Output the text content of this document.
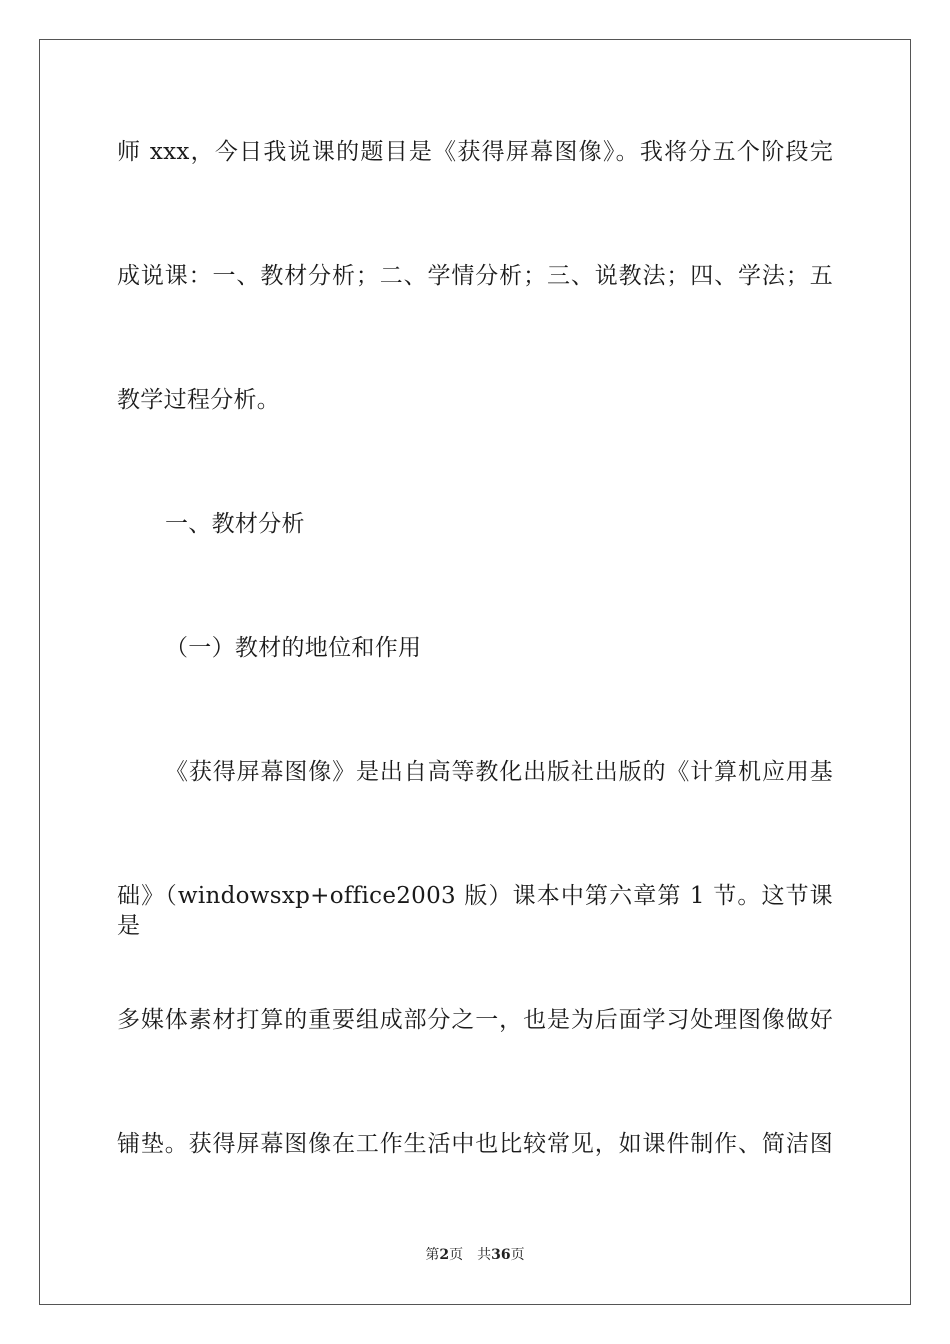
师 xxx，今日我说课的题目是《获得屏幕图像》。我将分五个阶段完
成说课：一、教材分析；二、学情分析；三、说教法；四、学法；五
教学过程分析。
一、教材分析
（一）教材的地位和作用
《获得屏幕图像》是出自高等教化出版社出版的《计算机应用基
础》（windowsxp+office2003 版）课本中第六章第 1 节。这节课是
多媒体素材打算的重要组成部分之一，也是为后面学习处理图像做好
铺垫。获得屏幕图像在工作生活中也比较常见，如课件制作、简洁图
第2页 共36页
